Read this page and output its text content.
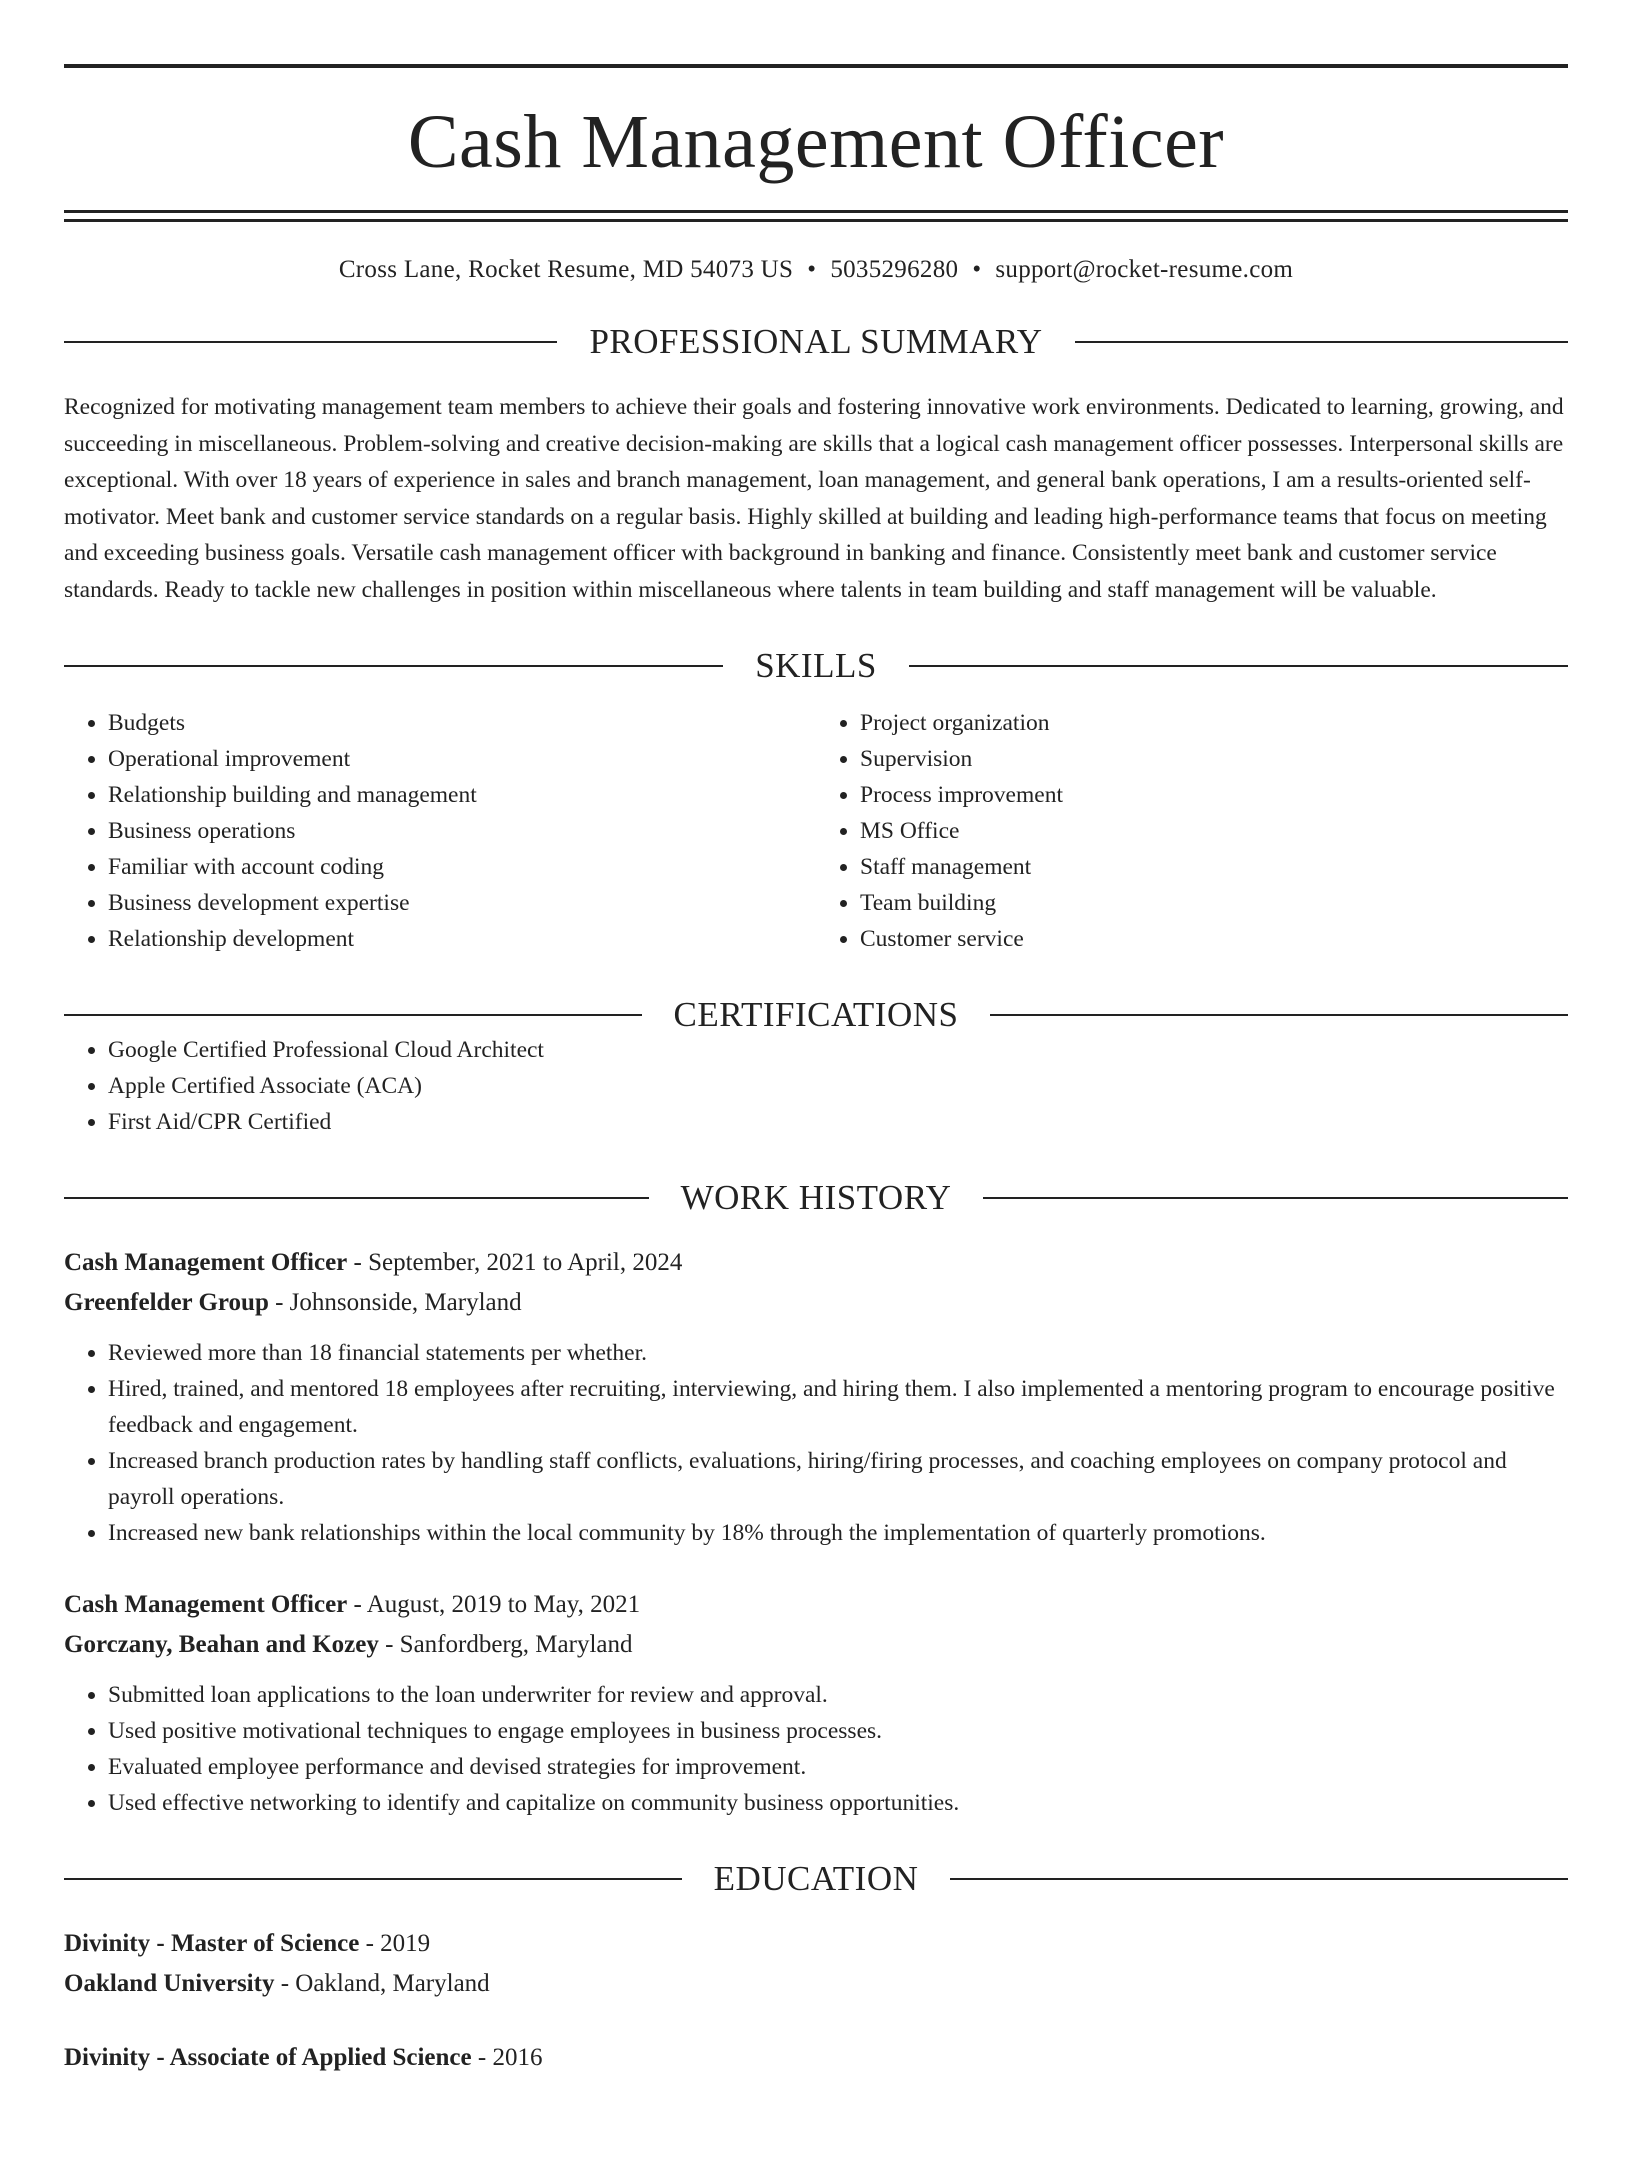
Cash Management Officer
Cross Lane, Rocket Resume, MD 54073 US • 5035296280 • support@rocket-resume.com
PROFESSIONAL SUMMARY
Recognized for motivating management team members to achieve their goals and fostering innovative work environments. Dedicated to learning, growing, and succeeding in miscellaneous. Problem-solving and creative decision-making are skills that a logical cash management officer possesses. Interpersonal skills are exceptional. With over 18 years of experience in sales and branch management, loan management, and general bank operations, I am a results-oriented self-motivator. Meet bank and customer service standards on a regular basis. Highly skilled at building and leading high-performance teams that focus on meeting and exceeding business goals. Versatile cash management officer with background in banking and finance. Consistently meet bank and customer service standards. Ready to tackle new challenges in position within miscellaneous where talents in team building and staff management will be valuable.
SKILLS
• Budgets
• Operational improvement
• Relationship building and management
• Business operations
• Familiar with account coding
• Business development expertise
• Relationship development
• Project organization
• Supervision
• Process improvement
• MS Office
• Staff management
• Team building
• Customer service
CERTIFICATIONS
• Google Certified Professional Cloud Architect
• Apple Certified Associate (ACA)
• First Aid/CPR Certified
WORK HISTORY
Cash Management Officer - September, 2021 to April, 2024
Greenfelder Group - Johnsonside, Maryland
• Reviewed more than 18 financial statements per whether.
• Hired, trained, and mentored 18 employees after recruiting, interviewing, and hiring them. I also implemented a mentoring program to encourage positive feedback and engagement.
• Increased branch production rates by handling staff conflicts, evaluations, hiring/firing processes, and coaching employees on company protocol and payroll operations.
• Increased new bank relationships within the local community by 18% through the implementation of quarterly promotions.
Cash Management Officer - August, 2019 to May, 2021
Gorczany, Beahan and Kozey - Sanfordberg, Maryland
• Submitted loan applications to the loan underwriter for review and approval.
• Used positive motivational techniques to engage employees in business processes.
• Evaluated employee performance and devised strategies for improvement.
• Used effective networking to identify and capitalize on community business opportunities.
EDUCATION
Divinity - Master of Science - 2019
Oakland University - Oakland, Maryland
Divinity - Associate of Applied Science - 2016
